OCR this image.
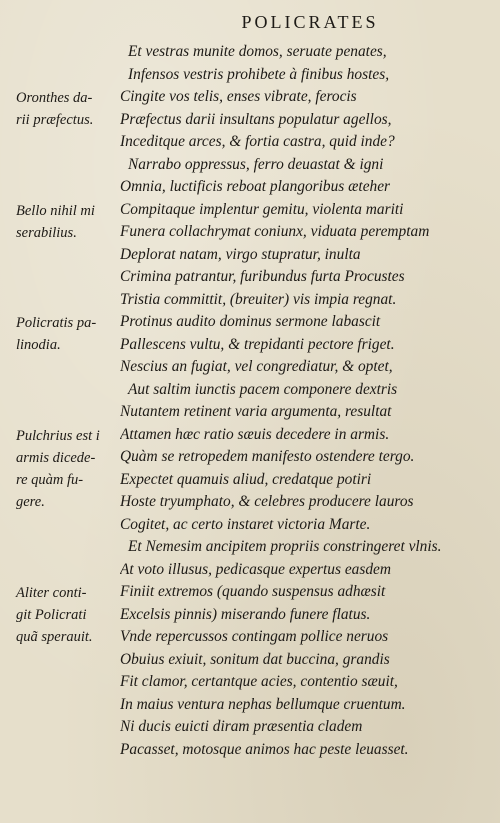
POLICRATES
Oronthes da-
rii præfectus.
Bello nihil mi
serabilius.
Policratis pa-
linodia.
Pulchrius est i
armis dicede-
re quàm fu-
gere.
Aliter conti-
git Policrati
quã sperauit.
Et vestras munite domos, seruate penates,
Infensos vestris prohibete à finibus hostes,
Cingite vos telis, enses vibrate, ferocis
Præfectus darii insultans populatur agellos,
Inceditque arces, & fortia castra, quid inde?
Narrabo oppressus, ferro deuastat & igni
Omnia, luctificis reboat plangoribus æteher
Compitaque implentur gemitu, violenta mariti
Funera collachrymat coniunx, viduata peremptam
Deplorat natam, virgo stupratur, inulta
Crimina patrantur, furibundus furta Procustes
Tristia committit, (breuiter) vis impia regnat.
Protinus audito dominus sermone labascit
Pallescens vultu, & trepidanti pectore friget.
Nescius an fugiat, vel congrediatur, & optet,
Aut saltim iunctis pacem componere dextris
Nutantem retinent varia argumenta, resultat
Attamen hæc ratio sæuis decedere in armis.
Quàm se retropedem manifesto ostendere tergo.
Expectet quamuis aliud, credatque potiri
Hoste tryumphato, & celebres producere lauros
Cogitet, ac certo instaret victoria Marte.
Et Nemesim ancipitem propriis constringeret vlnis.
At voto illusus, pedicasque expertus easdem
Finiit extremos (quando suspensus adhæsit
Excelsis pinnis) miserando funere flatus.
Vnde repercussos contingam pollice neruos
Obuius exiuit, sonitum dat buccina, grandis
Fit clamor, certantque acies, contentio sæuit,
In maius ventura nephas bellumque cruentum.
Ni ducis euicti diram præsentia cladem
Pacasset, motosque animos hac peste leuasset.
